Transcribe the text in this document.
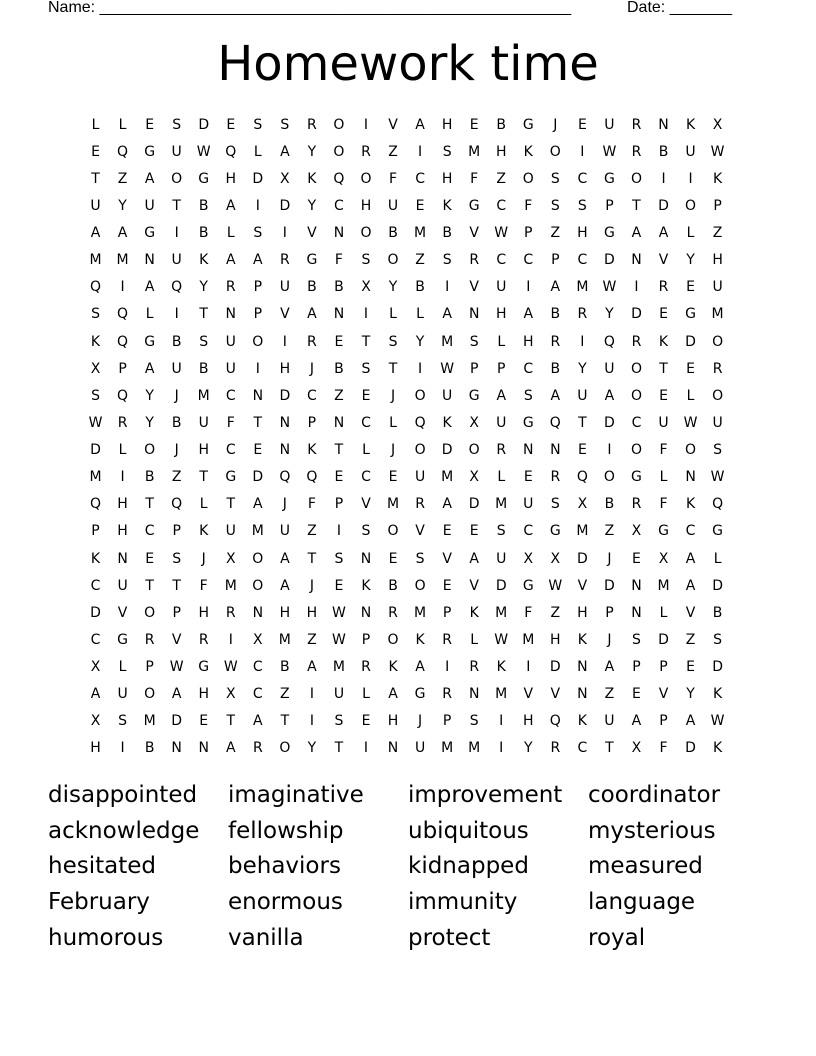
Name: _____________________________________________________	Date: _______
Homework time
L	L	E	S	D	E	S	S	R	O	I	V	A	H	E	B	G	J	E	U	R	N	K	X
E	Q	G	U	W	Q	L	A	Y	O	R	Z	I	S	M	H	K	O	I	W	R	B	U	W
T	Z	A	O	G	H	D	X	K	Q	O	F	C	H	F	Z	O	S	C	G	O	I	I	K
U	Y	U	T	B	A	I	D	Y	C	H	U	E	K	G	C	F	S	S	P	T	D	O	P
A	A	G	I	B	L	S	I	V	N	O	B	M	B	V	W	P	Z	H	G	A	A	L	Z
M	M	N	U	K	A	A	R	G	F	S	O	Z	S	R	C	C	P	C	D	N	V	Y	H
Q	I	A	Q	Y	R	P	U	B	B	X	Y	B	I	V	U	I	A	M	W	I	R	E	U
S	Q	L	I	T	N	P	V	A	N	I	L	L	A	N	H	A	B	R	Y	D	E	G	M
K	Q	G	B	S	U	O	I	R	E	T	S	Y	M	S	L	H	R	I	Q	R	K	D	O
X	P	A	U	B	U	I	H	J	B	S	T	I	W	P	P	C	B	Y	U	O	T	E	R
S	Q	Y	J	M	C	N	D	C	Z	E	J	O	U	G	A	S	A	U	A	O	E	L	O
W	R	Y	B	U	F	T	N	P	N	C	L	Q	K	X	U	G	Q	T	D	C	U	W	U
D	L	O	J	H	C	E	N	K	T	L	J	O	D	O	R	N	N	E	I	O	F	O	S
M	I	B	Z	T	G	D	Q	Q	E	C	E	U	M	X	L	E	R	Q	O	G	L	N	W
Q	H	T	Q	L	T	A	J	F	P	V	M	R	A	D	M	U	S	X	B	R	F	K	Q
P	H	C	P	K	U	M	U	Z	I	S	O	V	E	E	S	C	G	M	Z	X	G	C	G
K	N	E	S	J	X	O	A	T	S	N	E	S	V	A	U	X	X	D	J	E	X	A	L
C	U	T	T	F	M	O	A	J	E	K	B	O	E	V	D	G	W	V	D	N	M	A	D
D	V	O	P	H	R	N	H	H	W	N	R	M	P	K	M	F	Z	H	P	N	L	V	B
C	G	R	V	R	I	X	M	Z	W	P	O	K	R	L	W	M	H	K	J	S	D	Z	S
X	L	P	W	G	W	C	B	A	M	R	K	A	I	R	K	I	D	N	A	P	P	E	D
A	U	O	A	H	X	C	Z	I	U	L	A	G	R	N	M	V	V	N	Z	E	V	Y	K
X	S	M	D	E	T	A	T	I	S	E	H	J	P	S	I	H	Q	K	U	A	P	A	W
H	I	B	N	N	A	R	O	Y	T	I	N	U	M	M	I	Y	R	C	T	X	F	D	K
disappointed	imaginative	improvement	coordinator
acknowledge	fellowship	ubiquitous	mysterious
hesitated	behaviors	kidnapped	measured
February	enormous	immunity	language
humorous	vanilla	protect	royal
